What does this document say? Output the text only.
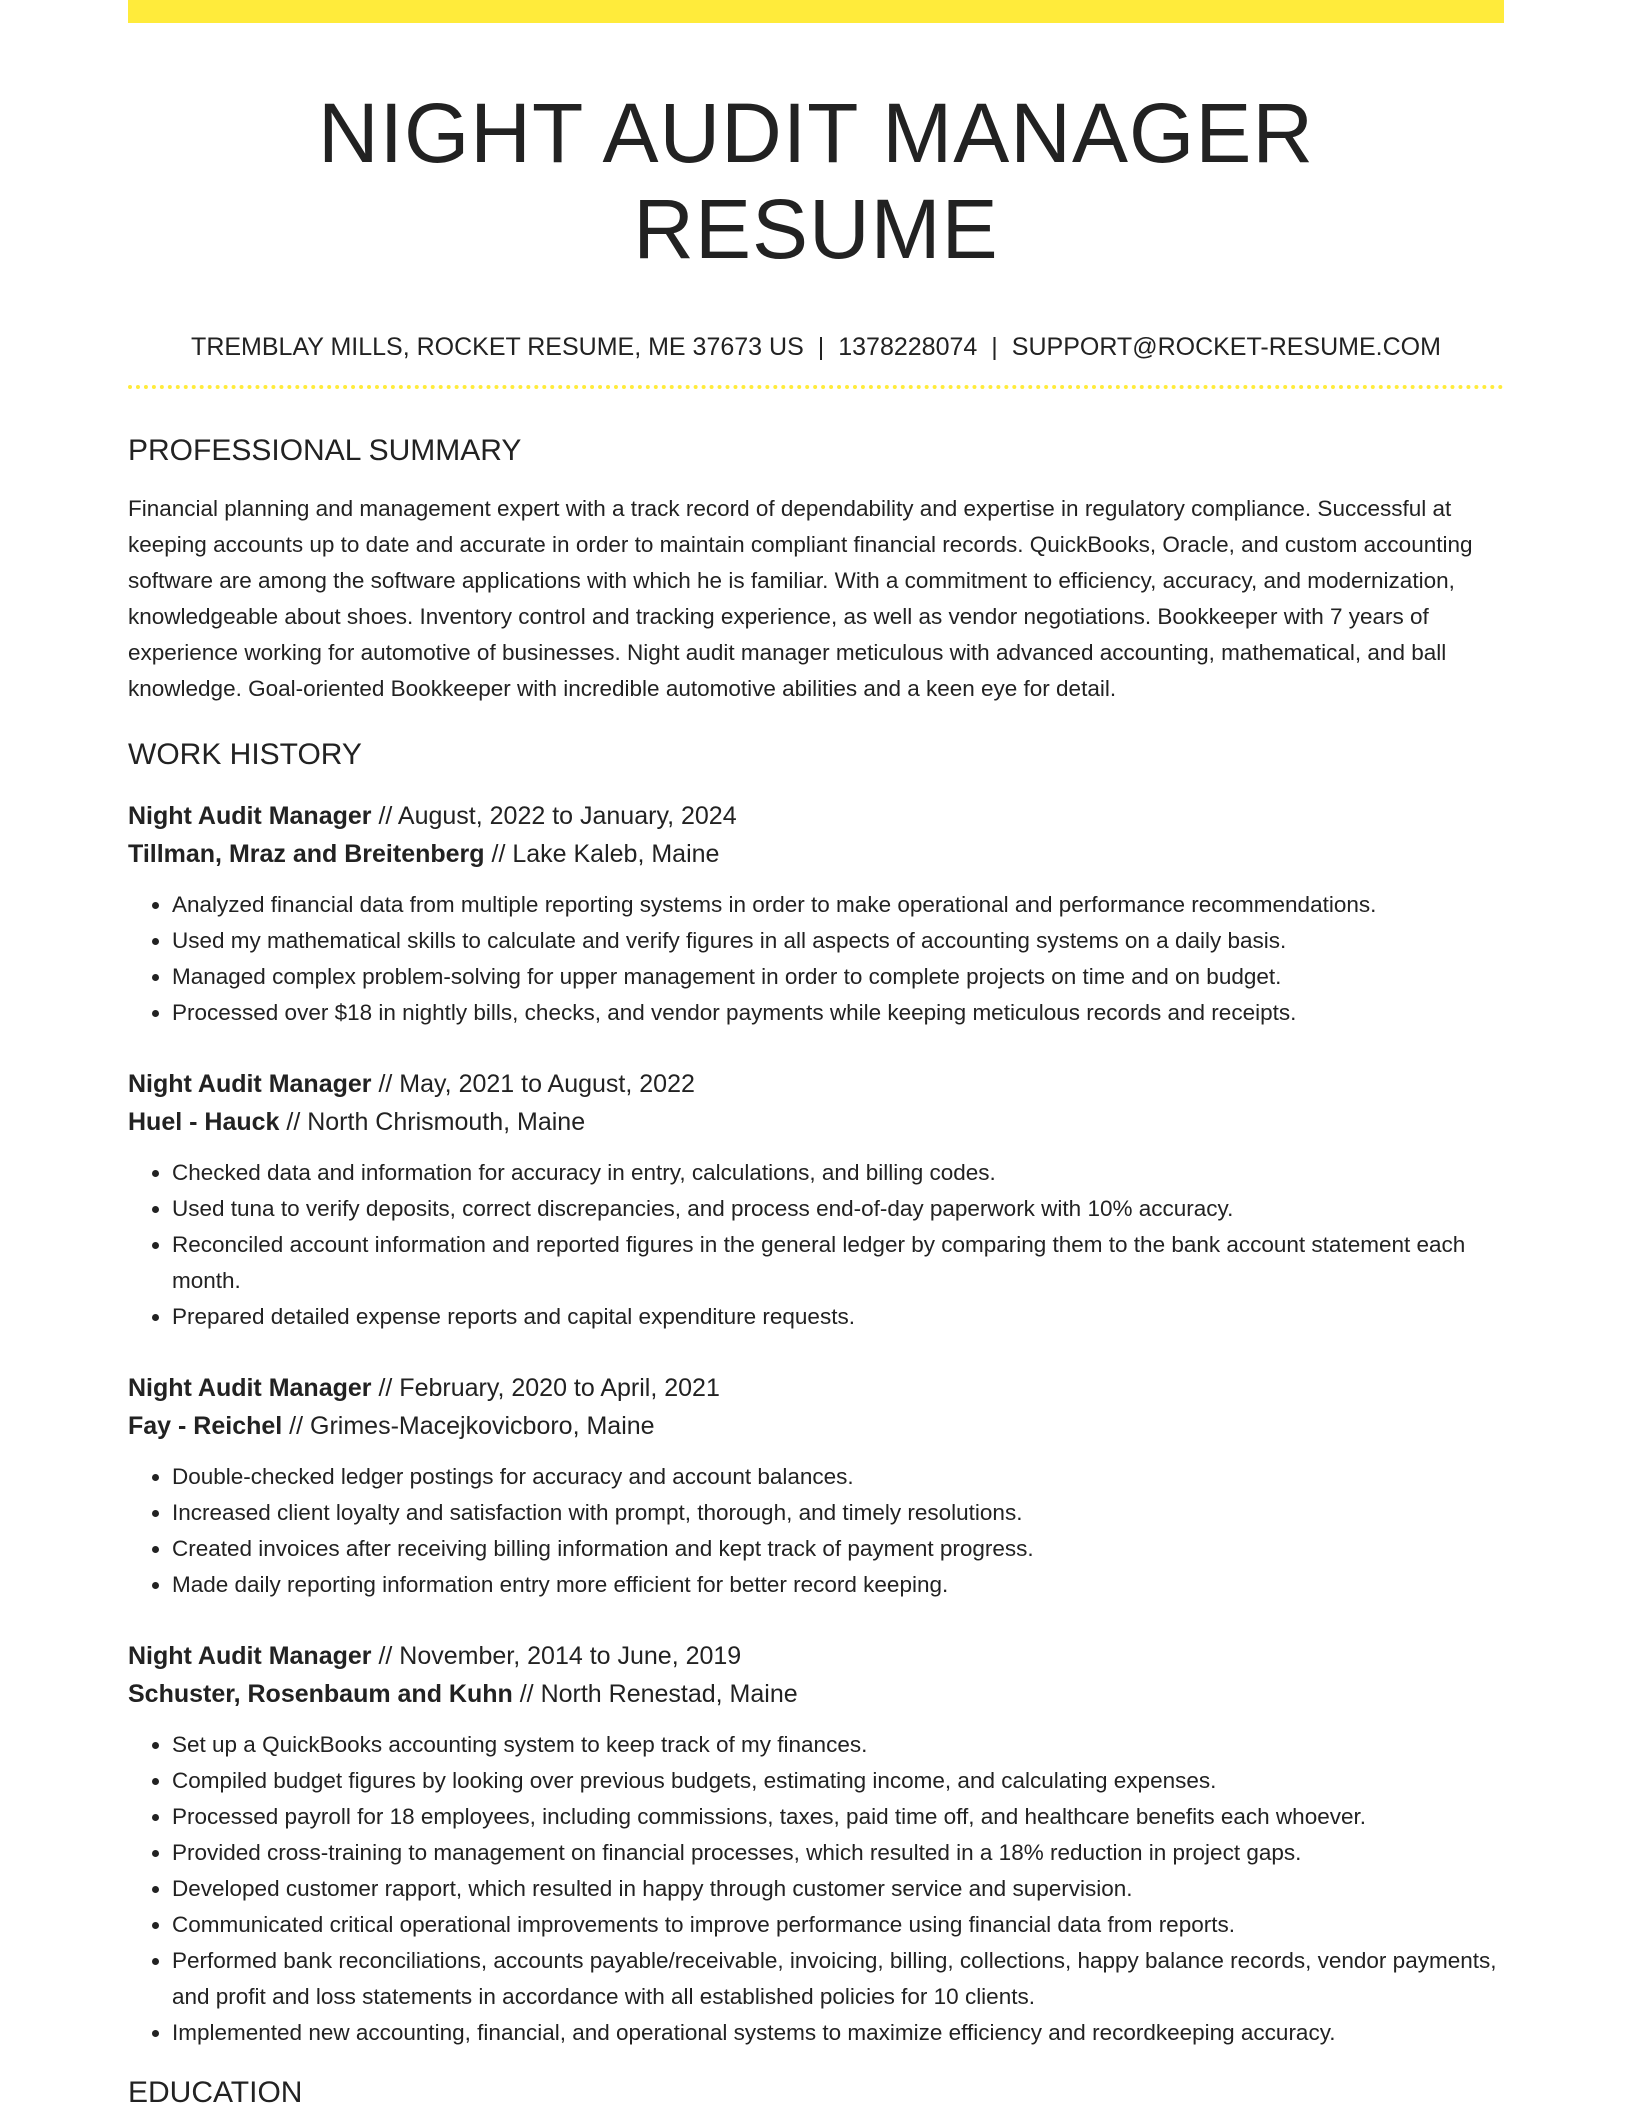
NIGHT AUDIT MANAGER RESUME
TREMBLAY MILLS, ROCKET RESUME, ME 37673 US | 1378228074 | SUPPORT@ROCKET-RESUME.COM
PROFESSIONAL SUMMARY

Financial planning and management expert with a track record of dependability and expertise in regulatory compliance. Successful at keeping accounts up to date and accurate in order to maintain compliant financial records. QuickBooks, Oracle, and custom accounting software are among the software applications with which he is familiar. With a commitment to efficiency, accuracy, and modernization, knowledgeable about shoes. Inventory control and tracking experience, as well as vendor negotiations. Bookkeeper with 7 years of experience working for automotive of businesses. Night audit manager meticulous with advanced accounting, mathematical, and ball knowledge. Goal-oriented Bookkeeper with incredible automotive abilities and a keen eye for detail.

WORK HISTORY
Night Audit Manager // August, 2022 to January, 2024
Tillman, Mraz and Breitenberg // Lake Kaleb, Maine
• Analyzed financial data from multiple reporting systems in order to make operational and performance recommendations.
• Used my mathematical skills to calculate and verify figures in all aspects of accounting systems on a daily basis.
• Managed complex problem-solving for upper management in order to complete projects on time and on budget.
• Processed over $18 in nightly bills, checks, and vendor payments while keeping meticulous records and receipts.
Night Audit Manager // May, 2021 to August, 2022
Huel - Hauck // North Chrismouth, Maine
• Checked data and information for accuracy in entry, calculations, and billing codes.
• Used tuna to verify deposits, correct discrepancies, and process end-of-day paperwork with 10% accuracy.
• Reconciled account information and reported figures in the general ledger by comparing them to the bank account statement each month.
• Prepared detailed expense reports and capital expenditure requests.
Night Audit Manager // February, 2020 to April, 2021
Fay - Reichel // Grimes-Macejkovicboro, Maine
• Double-checked ledger postings for accuracy and account balances.
• Increased client loyalty and satisfaction with prompt, thorough, and timely resolutions.
• Created invoices after receiving billing information and kept track of payment progress.
• Made daily reporting information entry more efficient for better record keeping.
Night Audit Manager // November, 2014 to June, 2019
Schuster, Rosenbaum and Kuhn // North Renestad, Maine
• Set up a QuickBooks accounting system to keep track of my finances.
• Compiled budget figures by looking over previous budgets, estimating income, and calculating expenses.
• Processed payroll for 18 employees, including commissions, taxes, paid time off, and healthcare benefits each whoever.
• Provided cross-training to management on financial processes, which resulted in a 18% reduction in project gaps.
• Developed customer rapport, which resulted in happy through customer service and supervision.
• Communicated critical operational improvements to improve performance using financial data from reports.
• Performed bank reconciliations, accounts payable/receivable, invoicing, billing, collections, happy balance records, vendor payments, and profit and loss statements in accordance with all established policies for 10 clients.
• Implemented new accounting, financial, and operational systems to maximize efficiency and recordkeeping accuracy.
EDUCATION
